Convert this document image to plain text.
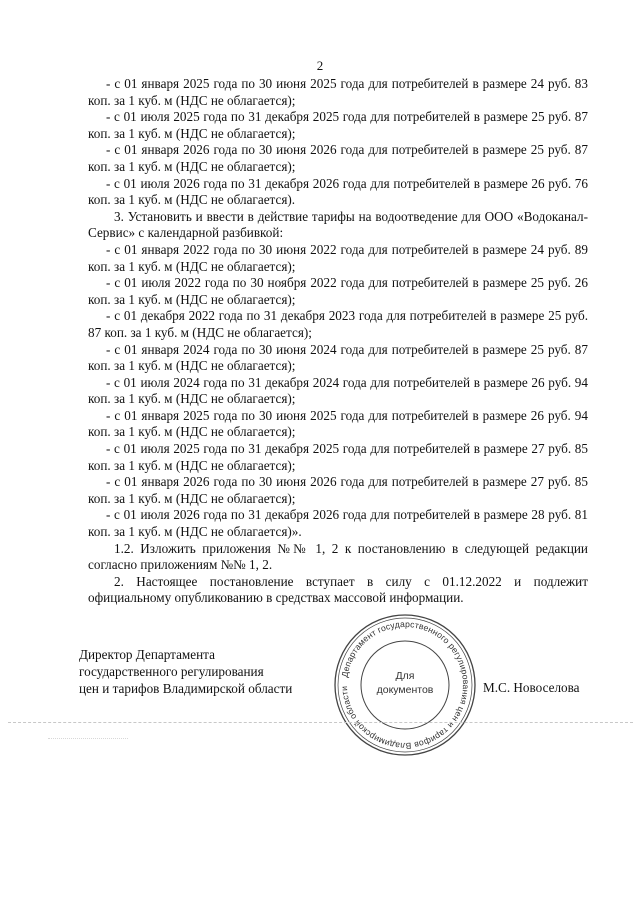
2

- с 01 января 2025 года по 30 июня 2025 года для потребителей в размере 24 руб. 83 коп. за 1 куб. м (НДС не облагается);

- с 01 июля 2025 года по 31 декабря 2025 года для потребителей в размере 25 руб. 87 коп. за 1 куб. м (НДС не облагается);

- с 01 января 2026 года по 30 июня 2026 года для потребителей в размере 25 руб. 87 коп. за 1 куб. м (НДС не облагается);

- с 01 июля 2026 года по 31 декабря 2026 года для потребителей в размере 26 руб. 76 коп. за 1 куб. м (НДС не облагается).

3. Установить и ввести в действие тарифы на водоотведение для ООО «Водоканал-Сервис» с календарной разбивкой:

- с 01 января 2022 года по 30 июня 2022 года для потребителей в размере 24 руб. 89 коп. за 1 куб. м (НДС не облагается);

- с 01 июля 2022 года по 30 ноября 2022 года для потребителей в размере 25 руб. 26 коп. за 1 куб. м (НДС не облагается);

- с 01 декабря 2022 года по 31 декабря 2023 года для потребителей в размере 25 руб. 87 коп. за 1 куб. м (НДС не облагается);

- с 01 января 2024 года по 30 июня 2024 года для потребителей в размере 25 руб. 87 коп. за 1 куб. м (НДС не облагается);

- с 01 июля 2024 года по 31 декабря 2024 года для потребителей в размере 26 руб. 94 коп. за 1 куб. м (НДС не облагается);

- с 01 января 2025 года по 30 июня 2025 года для потребителей в размере 26 руб. 94 коп. за 1 куб. м (НДС не облагается);

- с 01 июля 2025 года по 31 декабря 2025 года для потребителей в размере 27 руб. 85 коп. за 1 куб. м (НДС не облагается);

- с 01 января 2026 года по 30 июня 2026 года для потребителей в размере 27 руб. 85 коп. за 1 куб. м (НДС не облагается);

- с 01 июля 2026 года по 31 декабря 2026 года для потребителей в размере 28 руб. 81 коп. за 1 куб. м (НДС не облагается)».

1.2. Изложить приложения №№ 1, 2 к постановлению в следующей редакции согласно приложениям №№ 1, 2.

2. Настоящее постановление вступает в силу с 01.12.2022 и подлежит официальному опубликованию в средствах массовой информации.

Директор Департамента
государственного регулирования
цен и тарифов Владимирской области	М.С. Новоселова
Департамент государственного регулирования цен и тарифов Владимирской области
Для
документов
